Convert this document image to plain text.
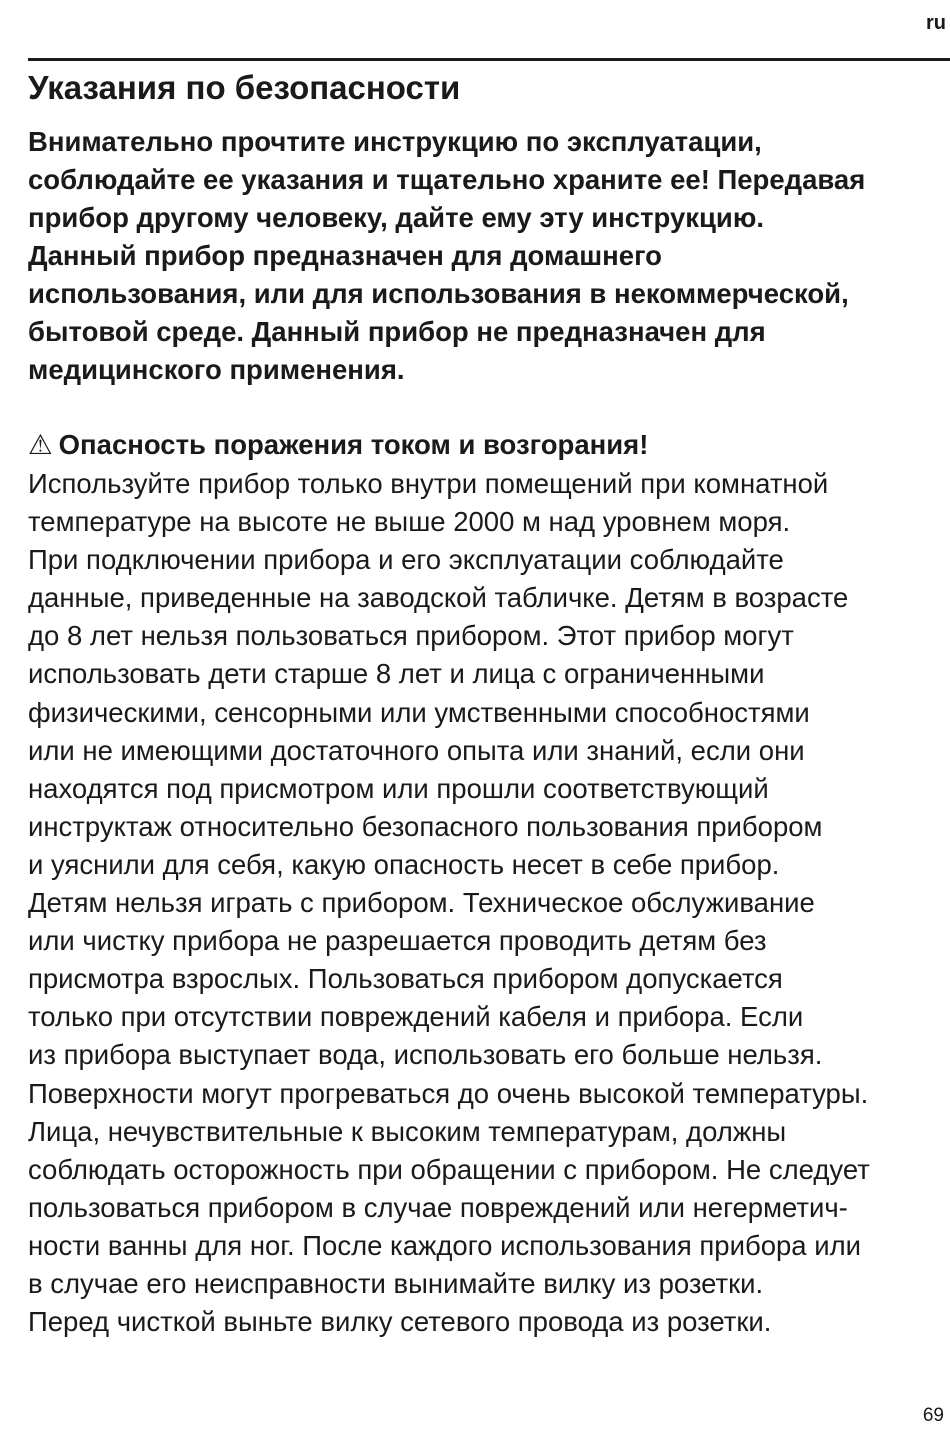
ru
Указания по безопасности
Внимательно прочтите инструкцию по эксплуатации,
соблюдайте ее указания и тщательно храните ее! Передавая
прибор другому человеку, дайте ему эту инструкцию.
Данный прибор предназначен для домашнего
использования, или для использования в некоммерческой,
бытовой среде. Данный прибор не предназначен для
медицинского применения.
⚠ Опасность поражения током и возгорания!
Используйте прибор только внутри помещений при комнатной
температуре на высоте не выше 2000 м над уровнем моря.
При подключении прибора и его эксплуатации соблюдайте
данные, приведенные на заводской табличке. Детям в возрасте
до 8 лет нельзя пользоваться прибором. Этот прибор могут
использовать дети старше 8 лет и лица с ограниченными
физическими, сенсорными или умственными способностями
или не имеющими достаточного опыта или знаний, если они
находятся под присмотром или прошли соответствующий
инструктаж относительно безопасного пользования прибором
и уяснили для себя, какую опасность несет в себе прибор.
Детям нельзя играть с прибором. Техническое обслуживание
или чистку прибора не разрешается проводить детям без
присмотра взрослых. Пользоваться прибором допускается
только при отсутствии повреждений кабеля и прибора. Если
из прибора выступает вода, использовать его больше нельзя.
Поверхности могут прогреваться до очень высокой температуры.
Лица, нечувствительные к высоким температурам, должны
соблюдать осторожность при обращении с прибором. Не следует
пользоваться прибором в случае повреждений или негерметич-
ности ванны для ног. После каждого использования прибора или
в случае его неисправности вынимайте вилку из розетки.
Перед чисткой выньте вилку сетевого провода из розетки.
69
